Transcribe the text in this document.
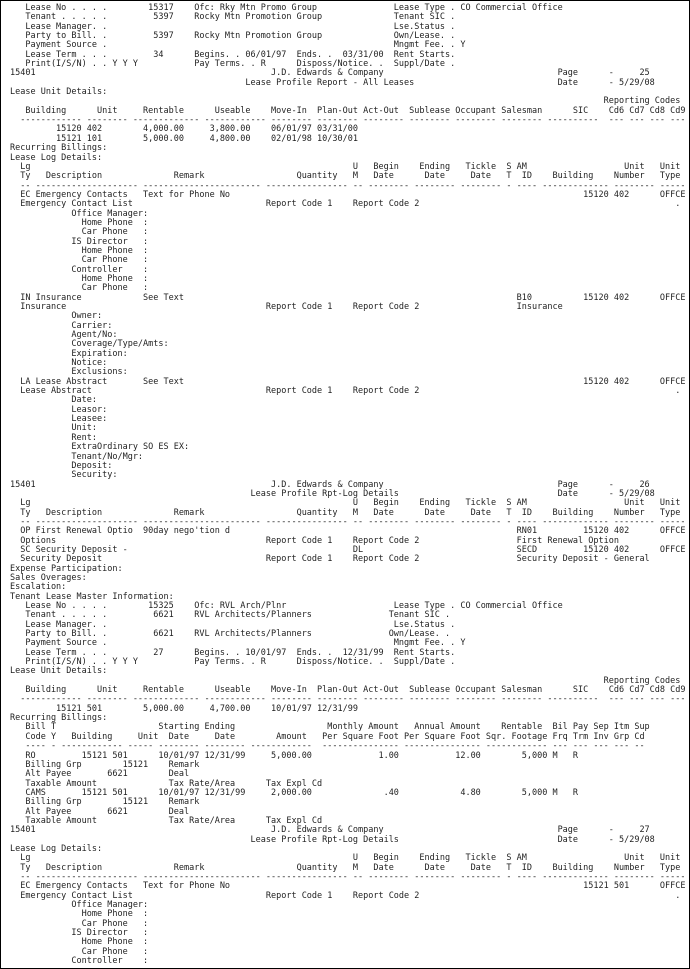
Lease No . . . .        15317    Ofc: Rky Mtn Promo Group               Lease Type . CO Commercial Office
Tenant . . . . .         5397    Rocky Mtn Promotion Group              Tenant SIC .
Lease Manager. .                                                        Lse.Status .
Party to Bill. .         5397    Rocky Mtn Promotion Group              Own/Lease. .
Payment Source .                                                        Mngmt Fee. . Y
Lease Term . . .         34      Begins. . 06/01/97  Ends. .  03/31/00  Rent Starts.
Print(I/S/N) . . Y Y Y           Pay Terms. . R      Disposs/Notice. .  Suppl/Date .
15401                                              J.D. Edwards & Company                                  Page      -     25
Lease Profile Report - All Leases                            Date      - 5/29/08
Lease Unit Details:
Reporting Codes
Building      Unit     Rentable      Useable    Move-In  Plan-Out Act-Out  Sublease Occupant Salesman      SIC    Cd6 Cd7 Cd8 Cd9
------------ -------- ------------- ------------ -------- -------- -------- -------- -------- -------- ----------  --- --- --- ---
15120 402        4,000.00     3,800.00    06/01/97 03/31/00
15121 101        5,000.00     4,800.00    02/01/98 10/30/01
Recurring Billings:
Lease Log Details:
Lg                                                               U   Begin    Ending   Tickle  S AM                   Unit   Unit
Ty   Description              Remark                  Quantity   M   Date      Date     Date   T  ID    Building    Number   Type
-- -------------------- ----------------------- ---------------- -- -------- -------- -------- - ---- ------------- -------- -----
EC Emergency Contacts   Text for Phone No                                                                     15120 402      OFFCE
Emergency Contact List                          Report Code 1    Report Code 2                                                  .
Office Manager:
Home Phone  :
Car Phone   :
IS Director   :
Home Phone  :
Car Phone   :
Controller    :
Home Phone  :
Car Phone   :
IN Insurance            See Text                                                                 B10          15120 402      OFFCE
Insurance                                       Report Code 1    Report Code 2                   Insurance
Owner:
Carrier:
Agent/No:
Coverage/Type/Amts:
Expiration:
Notice:
Exclusions:
LA Lease Abstract       See Text                                                                              15120 402      OFFCE
Lease Abstract                                  Report Code 1    Report Code 2                                                  .
Date:
Leasor:
Leasee:
Unit:
Rent:
ExtraOrdinary SO ES EX:
Tenant/No/Mgr:
Deposit:
Security:
15401                                              J.D. Edwards & Company                                  Page      -     26
Lease Profile Rpt-Log Details                               Date      - 5/29/08
Lg                                                               U   Begin    Ending   Tickle  S AM                   Unit   Unit
Ty   Description              Remark                  Quantity   M   Date      Date     Date   T  ID    Building    Number   Type
-- -------------------- ----------------------- ---------------- -- -------- -------- -------- - ---- ------------- -------- -----
OP First Renewal Optio  90day nego'tion d                                                        RN01         15120 402      OFFCE
Options                                         Report Code 1    Report Code 2                   First Renewal Option
SC Security Deposit -                                            DL                              SECD         15120 402      OFFCE
Security Deposit                                Report Code 1    Report Code 2                   Security Deposit - General
Expense Participation:
Sales Overages:
Escalation:
Tenant Lease Master Information:
Lease No . . . .        15325    Ofc: RVL Arch/Plnr                     Lease Type . CO Commercial Office
Tenant . . . . .         6621    RVL Architects/Planners               Tenant SIC .
Lease Manager. .                                                        Lse.Status .
Party to Bill. .         6621    RVL Architects/Planners               Own/Lease. .
Payment Source .                                                        Mngmt Fee. . Y
Lease Term . . .         27      Begins. . 10/01/97  Ends. .  12/31/99  Rent Starts.
Print(I/S/N) . . Y Y Y           Pay Terms. . R      Disposs/Notice. .  Suppl/Date .
Lease Unit Details:
Reporting Codes
Building      Unit     Rentable      Useable    Move-In  Plan-Out Act-Out  Sublease Occupant Salesman      SIC    Cd6 Cd7 Cd8 Cd9
------------ -------- ------------- ------------ -------- -------- -------- -------- -------- -------- ----------  --- --- --- ---
15121 501        5,000.00     4,700.00    10/01/97 12/31/99
Recurring Billings:
Bill T                    Starting Ending                  Monthly Amount   Annual Amount    Rentable  Bil Pay Sep Itm Sup
Code Y   Building     Unit  Date     Date        Amount   Per Square Foot Per Square Foot Sqr. Footage Frq Trm Inv Grp Cd
---- - ------------ ----- -------- -------- ------------  --------------- --------------- ------------ --- --- --- --- --
RO         15121 501      10/01/97 12/31/99     5,000.00             1.00           12.00        5,000 M   R
Billing Grp        15121    Remark
Alt Payee       6621        Deal
Taxable Amount              Tax Rate/Area      Tax Expl Cd
CAMS       15121 501      10/01/97 12/31/99     2,000.00              .40            4.80        5,000 M   R
Billing Grp        15121    Remark
Alt Payee       6621        Deal
Taxable Amount              Tax Rate/Area      Tax Expl Cd
15401                                              J.D. Edwards & Company                                  Page      -     27
Lease Profile Rpt-Log Details                               Date      - 5/29/08
Lease Log Details:
Lg                                                               U   Begin    Ending   Tickle  S AM                   Unit   Unit
Ty   Description              Remark                  Quantity   M   Date      Date     Date   T  ID    Building    Number   Type
-- -------------------- ----------------------- ---------------- -- -------- -------- -------- - ---- ------------- -------- -----
EC Emergency Contacts   Text for Phone No                                                                     15121 501      OFFCE
Emergency Contact List                          Report Code 1    Report Code 2                                                  .
Office Manager:
Home Phone  :
Car Phone   :
IS Director   :
Home Phone  :
Car Phone   :
Controller    :
